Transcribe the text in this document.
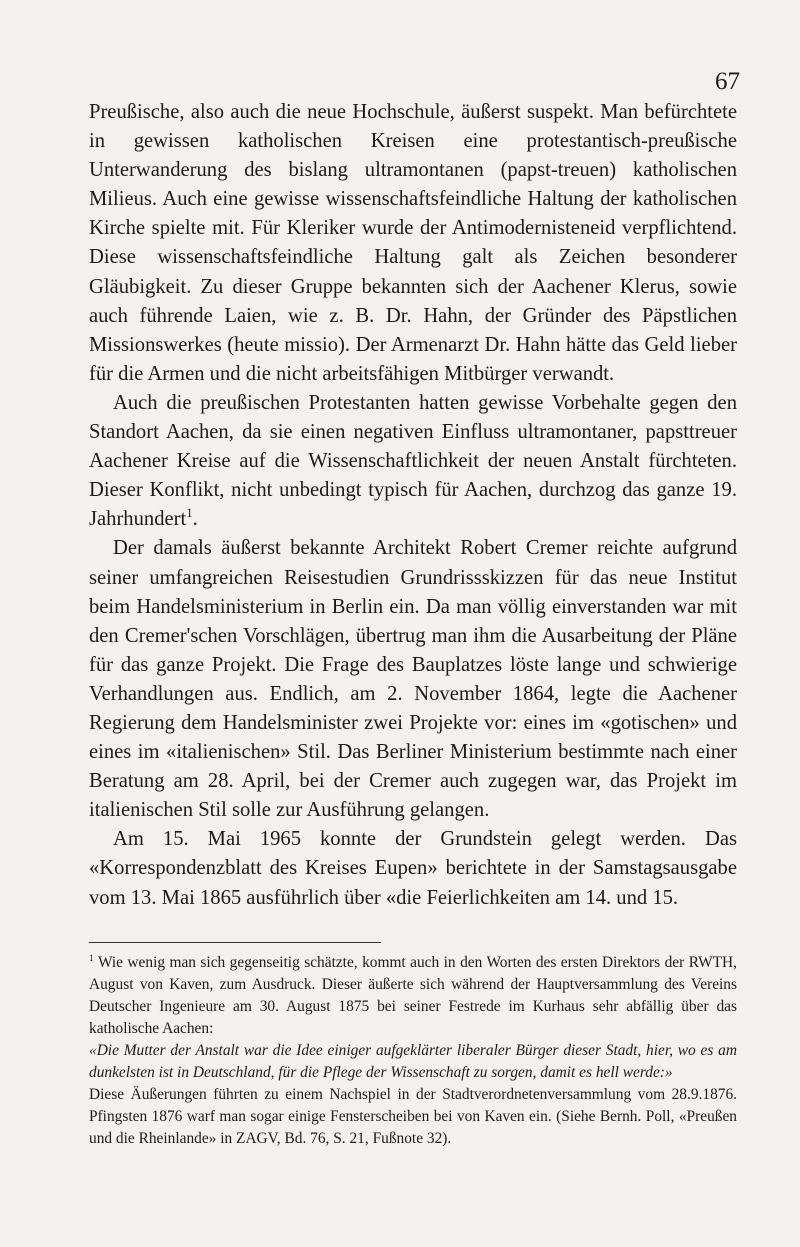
67

Preußische, also auch die neue Hochschule, äußerst suspekt. Man befürchtete in gewissen katholischen Kreisen eine protestantisch-preußische Unterwanderung des bislang ultramontanen (papst-treuen) katholischen Milieus. Auch eine gewisse wissenschaftsfeindliche Haltung der katholischen Kirche spielte mit. Für Kleriker wurde der Antimodernisteneid verpflichtend. Diese wissenschaftsfeindliche Haltung galt als Zeichen besonderer Gläubigkeit. Zu dieser Gruppe bekannten sich der Aachener Klerus, sowie auch führende Laien, wie z. B. Dr. Hahn, der Gründer des Päpstlichen Missionswerkes (heute missio). Der Armenarzt Dr. Hahn hätte das Geld lieber für die Armen und die nicht arbeitsfähigen Mitbürger verwandt.

Auch die preußischen Protestanten hatten gewisse Vorbehalte gegen den Standort Aachen, da sie einen negativen Einfluss ultramontaner, papsttreuer Aachener Kreise auf die Wissenschaftlichkeit der neuen Anstalt fürchteten. Dieser Konflikt, nicht unbedingt typisch für Aachen, durchzog das ganze 19. Jahrhundert$^1$.

Der damals äußerst bekannte Architekt Robert Cremer reichte aufgrund seiner umfangreichen Reisestudien Grundrissskizzen für das neue Institut beim Handelsministerium in Berlin ein. Da man völlig einverstanden war mit den Cremer'schen Vorschlägen, übertrug man ihm die Ausarbeitung der Pläne für das ganze Projekt. Die Frage des Bauplatzes löste lange und schwierige Verhandlungen aus. Endlich, am 2. November 1864, legte die Aachener Regierung dem Handelsminister zwei Projekte vor: eines im «gotischen» und eines im «italienischen» Stil. Das Berliner Ministerium bestimmte nach einer Beratung am 28. April, bei der Cremer auch zugegen war, das Projekt im italienischen Stil solle zur Ausführung gelangen.

Am 15. Mai 1965 konnte der Grundstein gelegt werden. Das «Korrespondenzblatt des Kreises Eupen» berichtete in der Samstagsausgabe vom 13. Mai 1865 ausführlich über «die Feierlichkeiten am 14. und 15.

$^1$ Wie wenig man sich gegenseitig schätzte, kommt auch in den Worten des ersten Direktors der RWTH, August von Kaven, zum Ausdruck. Dieser äußerte sich während der Hauptversammlung des Vereins Deutscher Ingenieure am 30. August 1875 bei seiner Festrede im Kurhaus sehr abfällig über das katholische Aachen:

«Die Mutter der Anstalt war die Idee einiger aufgeklärter liberaler Bürger dieser Stadt, hier, wo es am dunkelsten ist in Deutschland, für die Pflege der Wissenschaft zu sorgen, damit es hell werde:»

Diese Äußerungen führten zu einem Nachspiel in der Stadtverordnetenversammlung vom 28.9.1876. Pfingsten 1876 warf man sogar einige Fensterscheiben bei von Kaven ein. (Siehe Bernh. Poll, «Preußen und die Rheinlande» in ZAGV, Bd. 76, S. 21, Fußnote 32).
